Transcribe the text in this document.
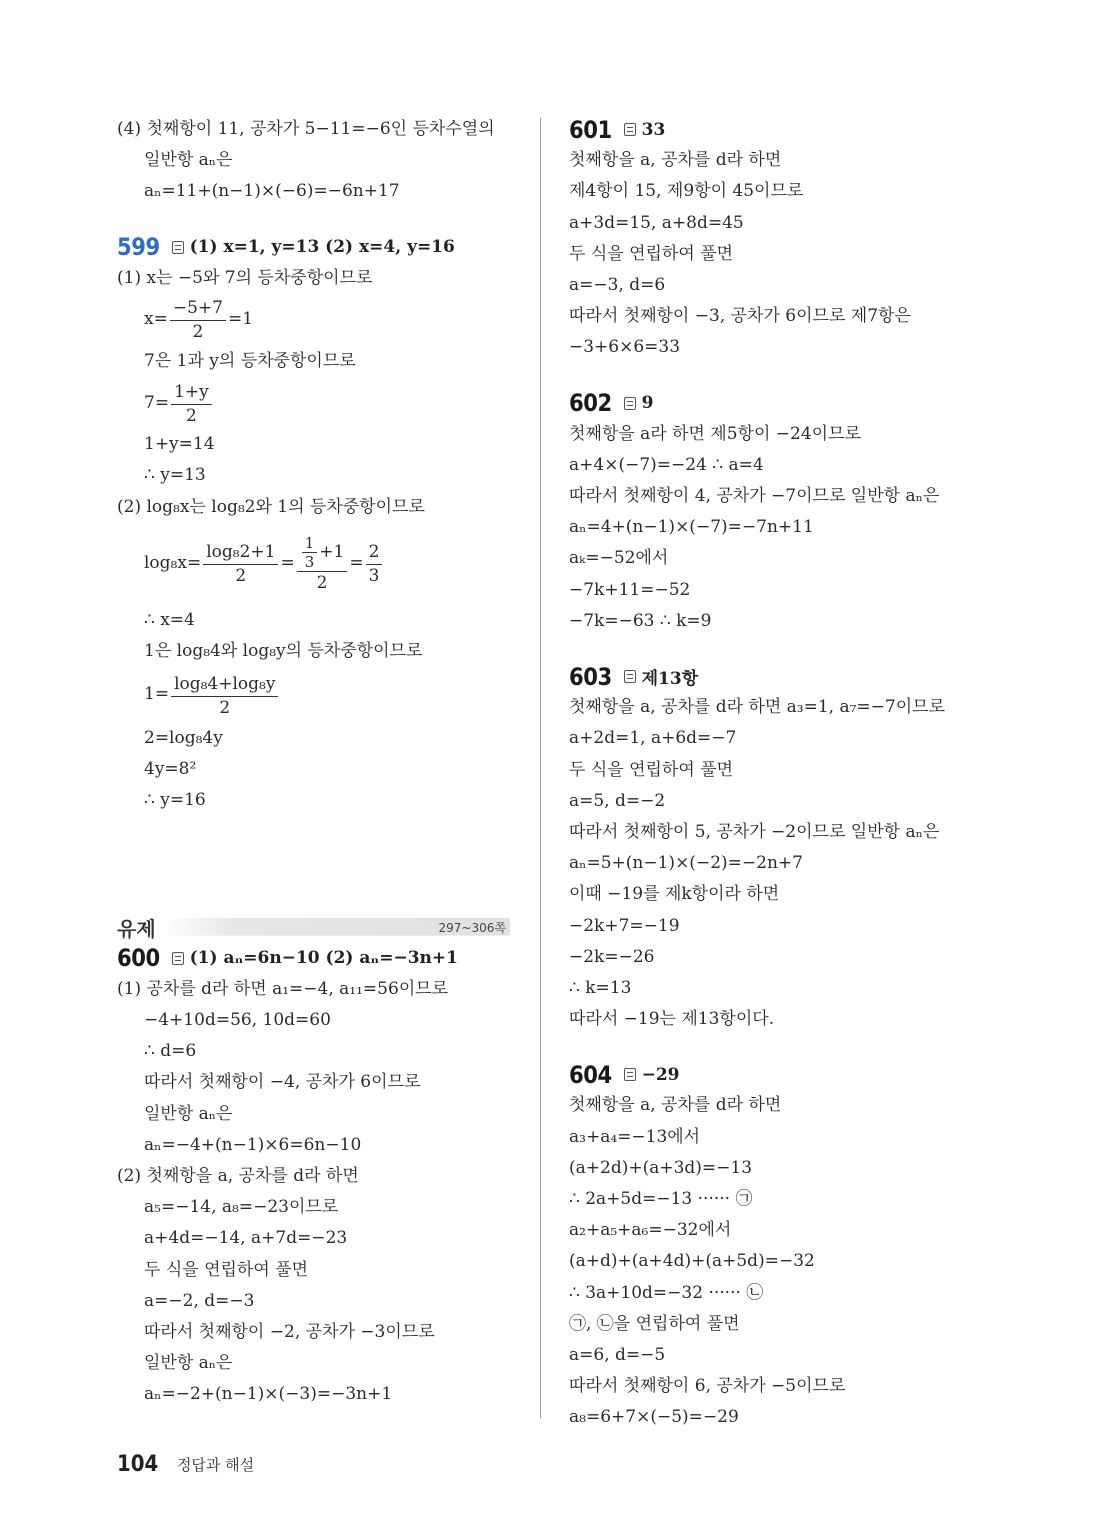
(4) 첫째항이 11, 공차가 5−11=−6인 등차수열의
일반항 aₙ은
aₙ=11+(n−1)×(−6)=−6n+17
599 (1) x=1, y=13 (2) x=4, y=16
(1) x는 −5와 7의 등차중항이므로
$x= \frac{-5+7}{2} =1$
7은 1과 y의 등차중항이므로
$7= \frac{1+y}{2}$
1+y=14
∴ y=13
(2) log₈x는 log₈2와 1의 등차중항이므로
$\log_8x= \frac{\text{log₈2+1}}{2} = \frac{\frac{1}{3} +1}{2} = \frac{2}{3}$
∴ x=4
1은 log₈4와 log₈y의 등차중항이므로
$1= \frac{\text{log₈4+log₈y}}{2}$
2=log₈4y
4y=8²
∴ y=16
유제	297~306쪽
600 (1) aₙ=6n−10 (2) aₙ=−3n+1
(1) 공차를 d라 하면 a₁=−4, a₁₁=56이므로
−4+10d=56, 10d=60
∴ d=6
따라서 첫째항이 −4, 공차가 6이므로
일반항 aₙ은
aₙ=−4+(n−1)×6=6n−10
(2) 첫째항을 a, 공차를 d라 하면
a₅=−14, a₈=−23이므로
a+4d=−14, a+7d=−23
두 식을 연립하여 풀면
a=−2, d=−3
따라서 첫째항이 −2, 공차가 −3이므로
일반항 aₙ은
aₙ=−2+(n−1)×(−3)=−3n+1
601 33
첫째항을 a, 공차를 d라 하면
제4항이 15, 제9항이 45이므로
a+3d=15, a+8d=45
두 식을 연립하여 풀면
a=−3, d=6
따라서 첫째항이 −3, 공차가 6이므로 제7항은
−3+6×6=33
602 9
첫째항을 a라 하면 제5항이 −24이므로
a+4×(−7)=−24 ∴ a=4
따라서 첫째항이 4, 공차가 −7이므로 일반항 aₙ은
aₙ=4+(n−1)×(−7)=−7n+11
aₖ=−52에서
−7k+11=−52
−7k=−63 ∴ k=9
603 제13항
첫째항을 a, 공차를 d라 하면 a₃=1, a₇=−7이므로
a+2d=1, a+6d=−7
두 식을 연립하여 풀면
a=5, d=−2
따라서 첫째항이 5, 공차가 −2이므로 일반항 aₙ은
aₙ=5+(n−1)×(−2)=−2n+7
이때 −19를 제k항이라 하면
−2k+7=−19
−2k=−26
∴ k=13
따라서 −19는 제13항이다.
604 −29
첫째항을 a, 공차를 d라 하면
a₃+a₄=−13에서
(a+2d)+(a+3d)=−13
∴ 2a+5d=−13 ······ ㉠
a₂+a₅+a₆=−32에서
(a+d)+(a+4d)+(a+5d)=−32
∴ 3a+10d=−32 ······ ㉡
㉠, ㉡을 연립하여 풀면
a=6, d=−5
따라서 첫째항이 6, 공차가 −5이므로
a₈=6+7×(−5)=−29
104 정답과 해설
